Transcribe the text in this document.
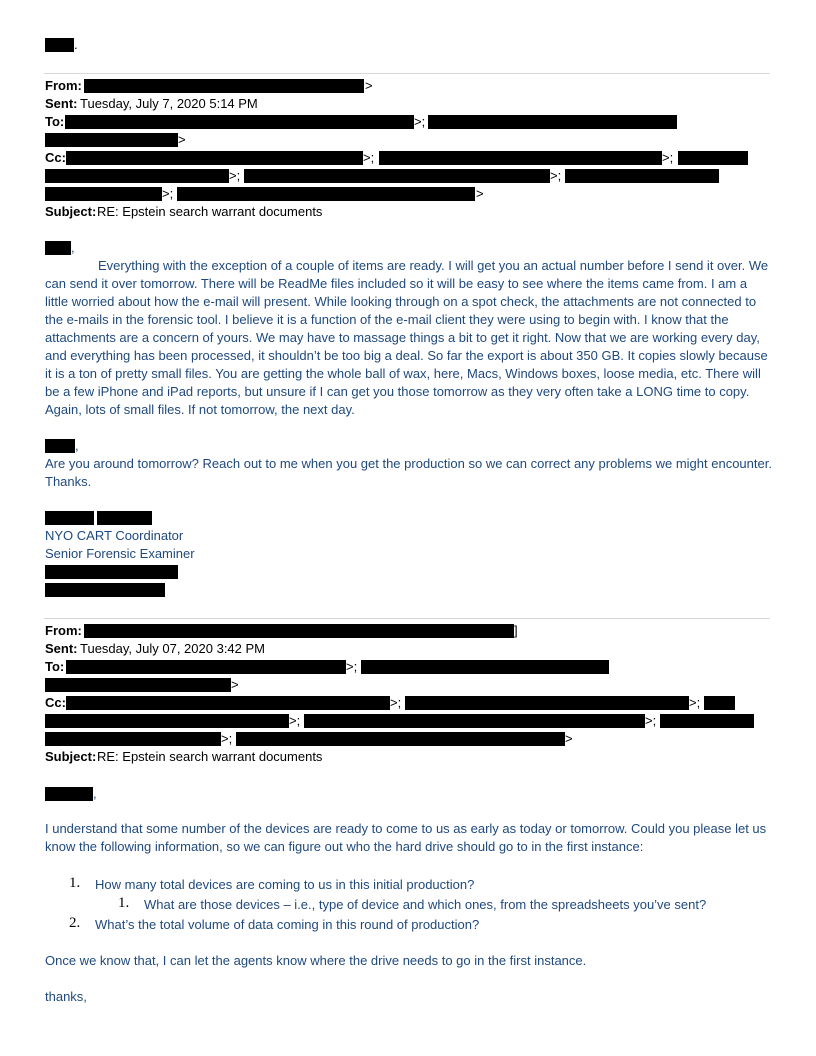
.
From:	>
Sent: Tuesday, July 7, 2020 5:14 PM
To:	>;
>
Cc:	>;	>;
>;	>;
>;	>
Subject: RE: Epstein search warrant documents
,
Everything with the exception of a couple of items are ready. I will get you an actual number before I send it over. We can send it over tomorrow. There will be ReadMe files included so it will be easy to see where the items came from. I am a little worried about how the e-mail will present. While looking through on a spot check, the attachments are not connected to the e-mails in the forensic tool. I believe it is a function of the e-mail client they were using to begin with. I know that the attachments are a concern of yours. We may have to massage things a bit to get it right. Now that we are working every day, and everything has been processed, it shouldn’t be too big a deal. So far the export is about 350 GB. It copies slowly because it is a ton of pretty small files. You are getting the whole ball of wax, here, Macs, Windows boxes, loose media, etc. There will be a few iPhone and iPad reports, but unsure if I can get you those tomorrow as they very often take a LONG time to copy. Again, lots of small files. If not tomorrow, the next day.
,
Are you around tomorrow? Reach out to me when you get the production so we can correct any problems we might encounter. Thanks.
NYO CART Coordinator
Senior Forensic Examiner
From:	]
Sent: Tuesday, July 07, 2020 3:42 PM
To:	>;
>
Cc:	>;	>;
>;	>;
>;	>
Subject: RE: Epstein search warrant documents
,
I understand that some number of the devices are ready to come to us as early as today or tomorrow. Could you please let us know the following information, so we can figure out who the hard drive should go to in the first instance:
1. How many total devices are coming to us in this initial production?
1. What are those devices – i.e., type of device and which ones, from the spreadsheets you’ve sent?
2. What’s the total volume of data coming in this round of production?
Once we know that, I can let the agents know where the drive needs to go in the first instance.
thanks,
